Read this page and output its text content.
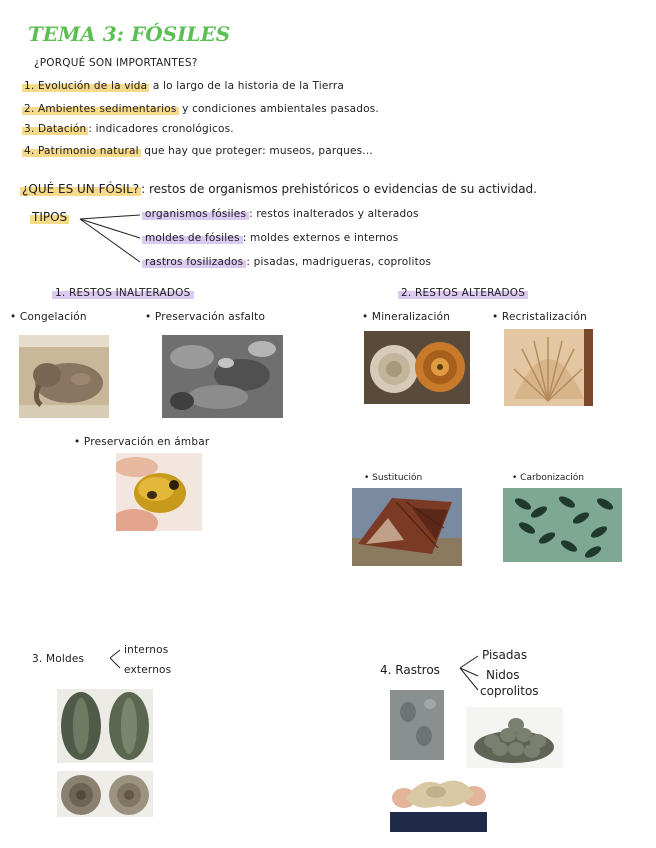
TEMA 3: FÓSILES
¿PORQUÉ SON IMPORTANTES?
1. Evolución de la vida a lo largo de la historia de la Tierra
2. Ambientes sedimentarios y condiciones ambientales pasados.
3. Datación : indicadores cronológicos.
4. Patrimonio natural que hay que proteger: museos, parques...
¿QUÉ ES UN FÓSIL? : restos de organismos prehistóricos o evidencias de su actividad.
TIPOS	organismos fósiles : restos inalterados y alterados
moldes de fósiles : moldes externos e internos
rastros fosilizados : pisadas, madrigueras, coprolitos
1. RESTOS INALTERADOS
• Congelación	• Preservación asfalto
• Preservación en ámbar
2. RESTOS ALTERADOS
• Mineralización	• Recristalización
• Sustitución	• Carbonización
3. Moldes
internos
externos	4. Rastros
Pisadas
Nidos
coprolitos
